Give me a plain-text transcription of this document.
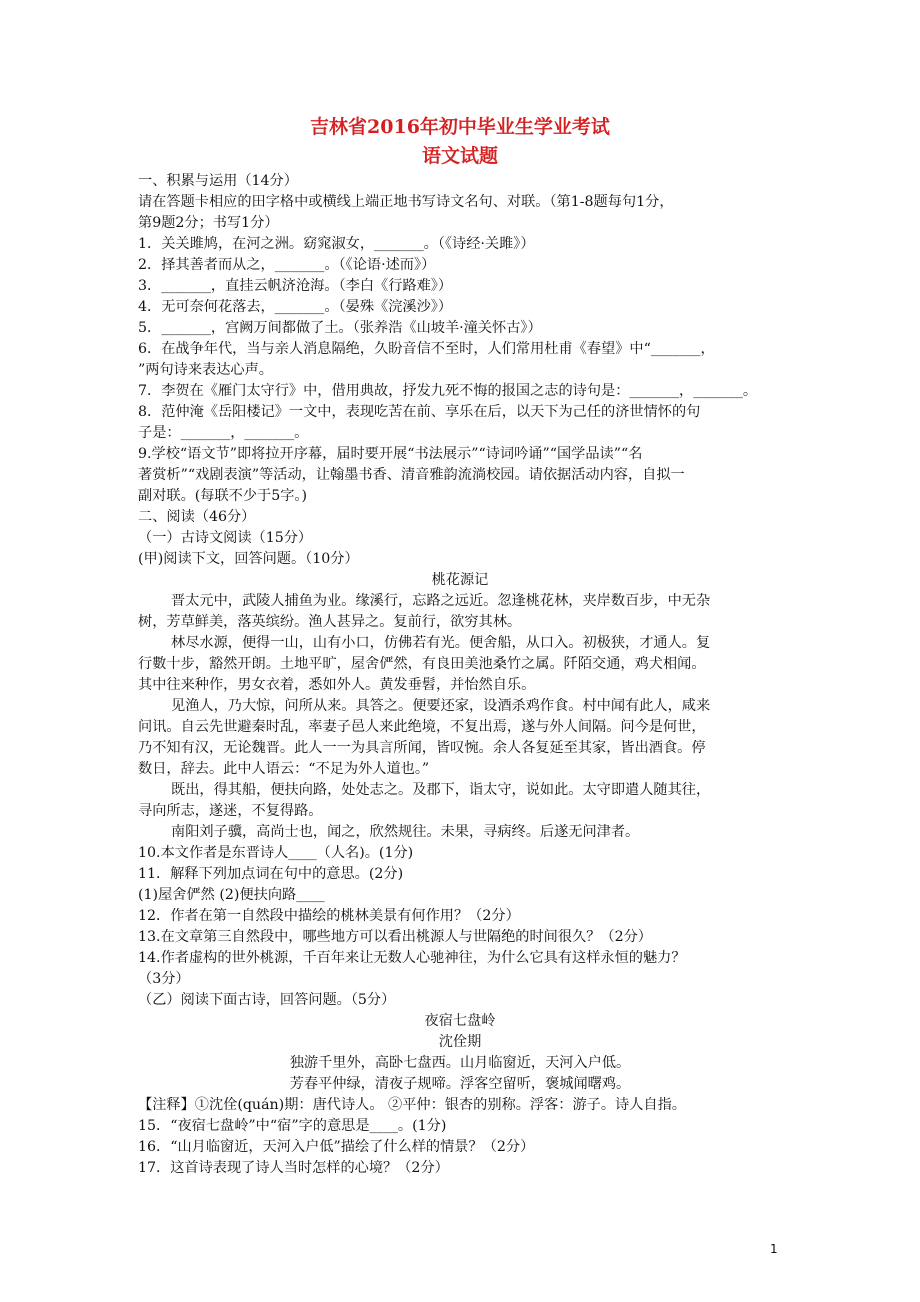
吉林省2016年初中毕业生学业考试
语文试题
一、积累与运用（14分）
请在答题卡相应的田字格中或横线上端正地书写诗文名句、对联。（第1-8题每句1分，
第9题2分；书写1分）
1．关关雎鸠，在河之洲。窈窕淑女，_______。（《诗经·关雎》）
2．择其善者而从之，_______。（《论语·述而》）
3．_______，直挂云帆济沧海。（李白《行路难》）
4．无可奈何花落去，_______。（晏殊《浣溪沙》）
5．_______，宫阙万间都做了土。（张养浩《山坡羊·潼关怀古》）
6．在战争年代，当与亲人消息隔绝，久盼音信不至时，人们常用杜甫《春望》中“_______，
”两句诗来表达心声。
7．李贺在《雁门太守行》中，借用典故，抒发九死不悔的报国之志的诗句是：_______，_______。
8．范仲淹《岳阳楼记》一文中，表现吃苦在前、享乐在后，以天下为己任的济世情怀的句
子是：_______，_______。
9.学校“语文节”即将拉开序幕，届时要开展“书法展示”“诗词吟诵”“国学品读”“名
著赏析”“戏剧表演”等活动，让翰墨书香、清音雅韵流淌校园。请依据活动内容，自拟一
副对联。(每联不少于5字。)
二、阅读（46分）
（一）古诗文阅读（15分）
(甲)阅读下文，回答问题。（10分）
桃花源记
晋太元中，武陵人捕鱼为业。缘溪行，忘路之远近。忽逢桃花林，夹岸数百步，中无杂
树，芳草鲜美，落英缤纷。渔人甚异之。复前行，欲穷其林。
林尽水源，便得一山，山有小口，仿佛若有光。便舍船，从口入。初极狭，才通人。复
行數十步，豁然开朗。土地平旷，屋舍俨然，有良田美池桑竹之属。阡陌交通，鸡犬相闻。
其中往来种作，男女衣着，悉如外人。黄发垂髫，并怡然自乐。
见渔人，乃大惊，问所从来。具答之。便要还家，设酒杀鸡作食。村中闻有此人，咸来
问讯。自云先世避秦时乱，率妻子邑人来此绝境，不复出焉，遂与外人间隔。问今是何世，
乃不知有汉，无论魏晋。此人一一为具言所闻，皆叹惋。余人各复延至其家，皆出酒食。停
数日，辞去。此中人语云：“不足为外人道也。”
既出，得其船，便扶向路，处处志之。及郡下，诣太守，说如此。太守即遣人随其往，
寻向所志，遂迷，不复得路。
南阳刘子骥，高尚士也，闻之，欣然规往。未果，寻病终。后遂无问津者。
10.本文作者是东晋诗人____（人名)。(1分)
11．解释下列加点词在句中的意思。(2分)
(1)屋舍俨然 (2)便扶向路____
12．作者在第一自然段中描绘的桃林美景有何作用？（2分）
13.在文章第三自然段中，哪些地方可以看出桃源人与世隔绝的时间很久？（2分）
14.作者虚构的世外桃源，千百年来让无数人心驰神往，为什么它具有这样永恒的魅力？
（3分）
（乙）阅读下面古诗，回答问题。（5分）
夜宿七盘岭
沈佺期
独游千里外，高卧七盘西。山月临窗近，天河入户低。
芳春平仲绿，清夜子规啼。浮客空留听，褒城闻曙鸡。
【注释】①沈佺(quán)期：唐代诗人。 ②平仲：银杏的别称。浮客：游子。诗人自指。
15．“夜宿七盘岭”中“宿”字的意思是____。(1分)
16．“山月临窗近，天河入户低”描绘了什么样的情景？（2分）
17．这首诗表现了诗人当时怎样的心境？（2分）
1
